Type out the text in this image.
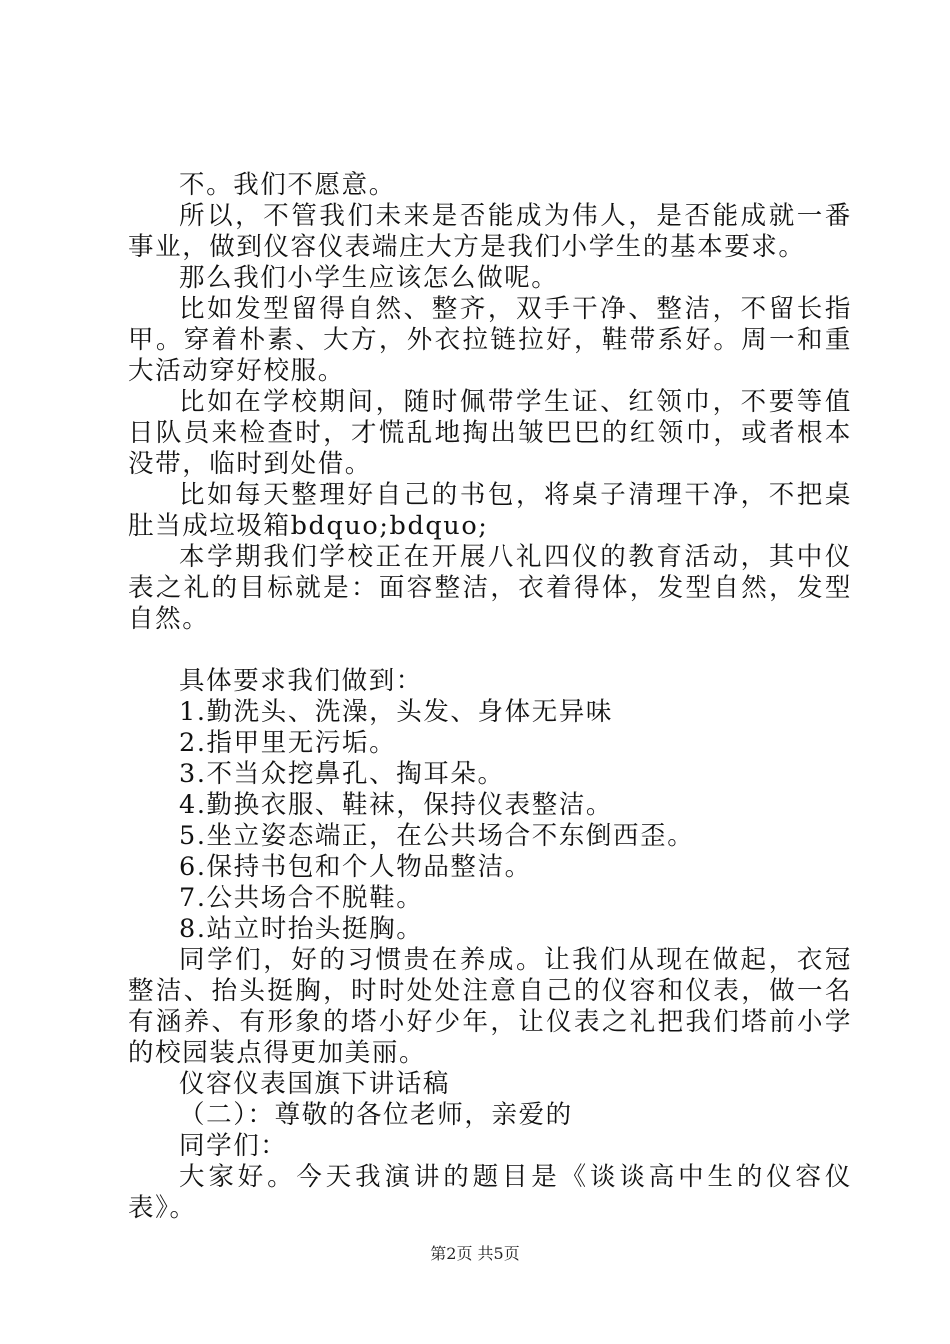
不。我们不愿意。

所以，不管我们未来是否能成为伟人，是否能成就一番事业，做到仪容仪表端庄大方是我们小学生的基本要求。

那么我们小学生应该怎么做呢。

比如发型留得自然、整齐，双手干净、整洁，不留长指甲。穿着朴素、大方，外衣拉链拉好，鞋带系好。周一和重大活动穿好校服。

比如在学校期间，随时佩带学生证、红领巾，不要等值日队员来检查时，才慌乱地掏出皱巴巴的红领巾，或者根本没带，临时到处借。

比如每天整理好自己的书包，将桌子清理干净，不把桌肚当成垃圾箱bdquo;bdquo;

本学期我们学校正在开展八礼四仪的教育活动，其中仪表之礼的目标就是：面容整洁，衣着得体，发型自然，发型自然。

具体要求我们做到：

1.勤洗头、洗澡，头发、身体无异味

2.指甲里无污垢。

3.不当众挖鼻孔、掏耳朵。

4.勤换衣服、鞋袜，保持仪表整洁。

5.坐立姿态端正，在公共场合不东倒西歪。

6.保持书包和个人物品整洁。

7.公共场合不脱鞋。

8.站立时抬头挺胸。

同学们，好的习惯贵在养成。让我们从现在做起，衣冠整洁、抬头挺胸，时时处处注意自己的仪容和仪表，做一名有涵养、有形象的塔小好少年，让仪表之礼把我们塔前小学的校园装点得更加美丽。

仪容仪表国旗下讲话稿

（二）：尊敬的各位老师，亲爱的

同学们：

大家好。今天我演讲的题目是《谈谈高中生的仪容仪表》。

第2页 共5页
